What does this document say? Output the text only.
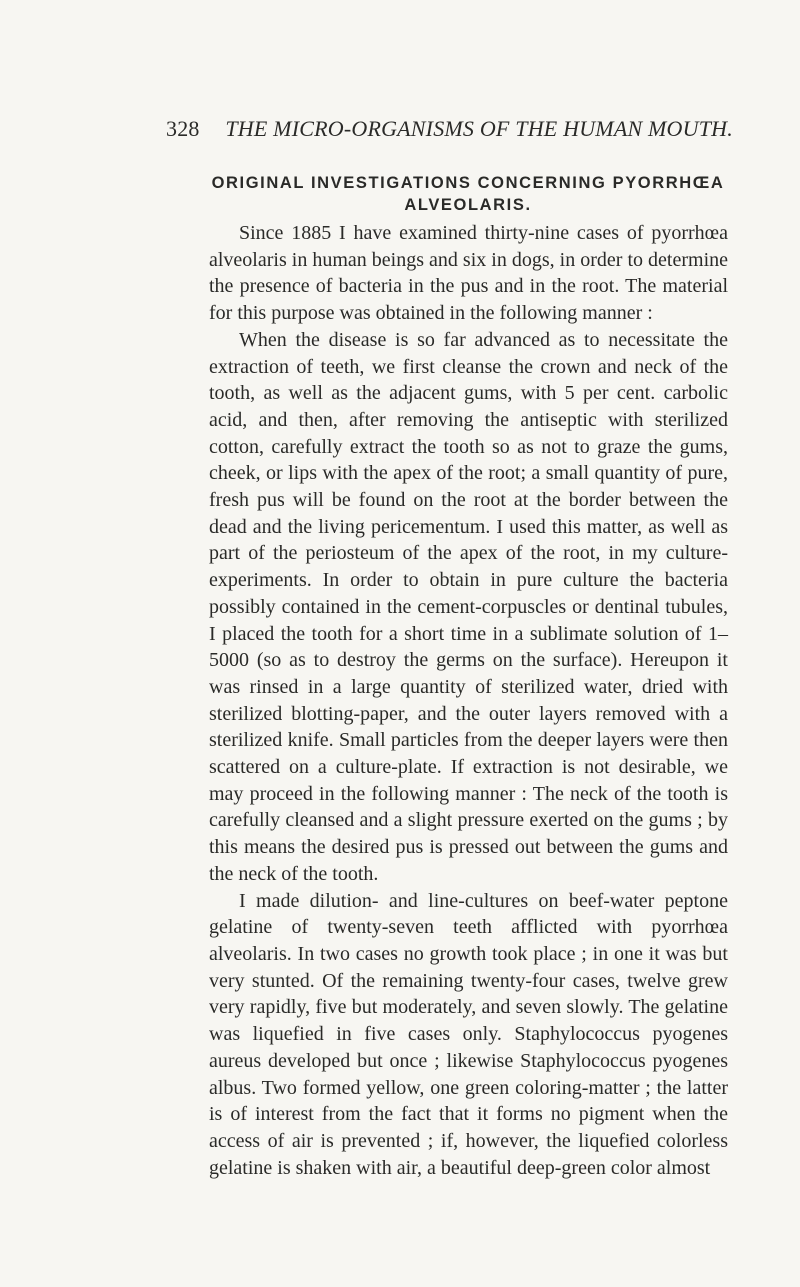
328 THE MICRO-ORGANISMS OF THE HUMAN MOUTH.
ORIGINAL INVESTIGATIONS CONCERNING PYORRHŒA ALVEOLARIS.

Since 1885 I have examined thirty-nine cases of pyorrhœa alveolaris in human beings and six in dogs, in order to determine the presence of bacteria in the pus and in the root. The material for this purpose was obtained in the following manner :

When the disease is so far advanced as to necessitate the extraction of teeth, we first cleanse the crown and neck of the tooth, as well as the adjacent gums, with 5 per cent. carbolic acid, and then, after removing the antiseptic with sterilized cotton, carefully extract the tooth so as not to graze the gums, cheek, or lips with the apex of the root; a small quantity of pure, fresh pus will be found on the root at the border between the dead and the living pericementum. I used this matter, as well as part of the periosteum of the apex of the root, in my culture-experiments. In order to obtain in pure culture the bacteria possibly contained in the cement-corpuscles or dentinal tubules, I placed the tooth for a short time in a sublimate solution of 1–5000 (so as to destroy the germs on the surface). Hereupon it was rinsed in a large quantity of sterilized water, dried with sterilized blotting-paper, and the outer layers removed with a sterilized knife. Small particles from the deeper layers were then scattered on a culture-plate. If extraction is not desirable, we may proceed in the following manner : The neck of the tooth is carefully cleansed and a slight pressure exerted on the gums ; by this means the desired pus is pressed out between the gums and the neck of the tooth.

I made dilution- and line-cultures on beef-water peptone gelatine of twenty-seven teeth afflicted with pyorrhœa alveolaris. In two cases no growth took place ; in one it was but very stunted. Of the remaining twenty-four cases, twelve grew very rapidly, five but moderately, and seven slowly. The gelatine was liquefied in five cases only. Staphylococcus pyogenes aureus developed but once ; likewise Staphylococcus pyogenes albus. Two formed yellow, one green coloring-matter ; the latter is of interest from the fact that it forms no pigment when the access of air is prevented ; if, however, the liquefied colorless gelatine is shaken with air, a beautiful deep-green color almost
